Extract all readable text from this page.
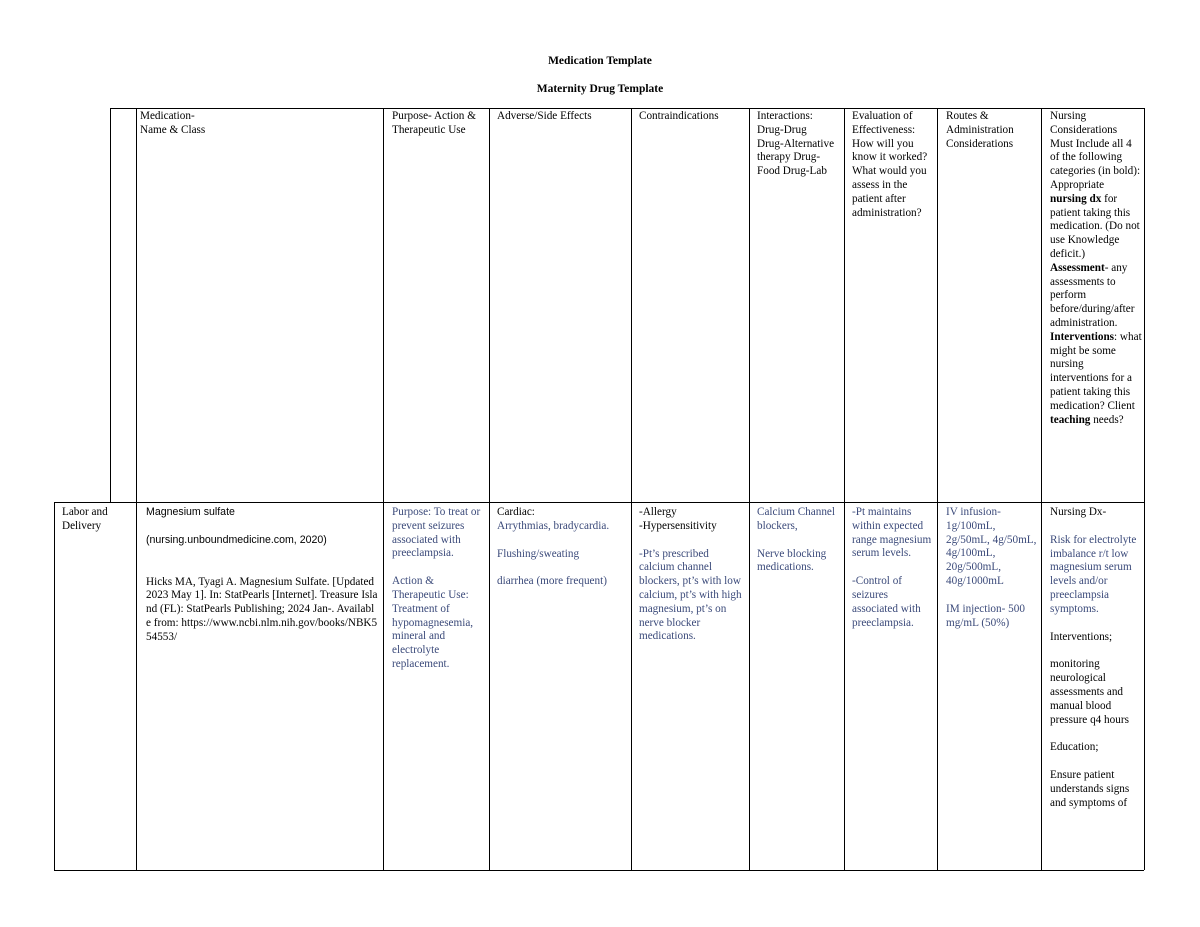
Medication Template
Maternity Drug Template
Medication-
Name & Class
Purpose- Action & Therapeutic Use
Adverse/Side Effects	Contraindications	Interactions: Drug-Drug Drug-Alternative therapy Drug-Food Drug-Lab
Evaluation of Effectiveness: How will you know it worked? What would you assess in the patient after administration?
Routes & Administration Considerations
Nursing Considerations Must Include all 4 of the following categories (in bold): Appropriate nursing dx for patient taking this medication. (Do not use Knowledge deficit.) Assessment- any assessments to perform before/during/after administration. Interventions: what might be some nursing interventions for a patient taking this medication? Client teaching needs?
Labor and Delivery

Magnesium sulfate

(nursing.unboundmedicine.com, 2020)

Hicks MA, Tyagi A. Magnesium Sulfate. [Updated 2023 May 1]. In: StatPearls [Internet]. Treasure Island (FL): StatPearls Publishing; 2024 Jan-. Available from: https://www.ncbi.nlm.nih.gov/books/NBK554553/

Purpose: To treat or prevent seizures associated with preeclampsia.

Action & Therapeutic Use: Treatment of hypomagnesemia, mineral and electrolyte replacement.

Cardiac:

Arrythmias, bradycardia.

Flushing/sweating

diarrhea (more frequent)

-Allergy

-Hypersensitivity

-Pt’s prescribed calcium channel blockers, pt’s with low calcium, pt’s with high magnesium, pt’s on nerve blocker medications.

Calcium Channel blockers,

Nerve blocking medications.

-Pt maintains within expected range magnesium serum levels.

-Control of seizures associated with preeclampsia.

IV infusion- 1g/100mL, 2g/50mL, 4g/50mL, 4g/100mL, 20g/500mL, 40g/1000mL

IM injection- 500 mg/mL (50%)

Nursing Dx-

Risk for electrolyte imbalance r/t low magnesium serum levels and/or preeclampsia symptoms.

Interventions;

monitoring neurological assessments and manual blood pressure q4 hours

Education;

Ensure patient understands signs and symptoms of
